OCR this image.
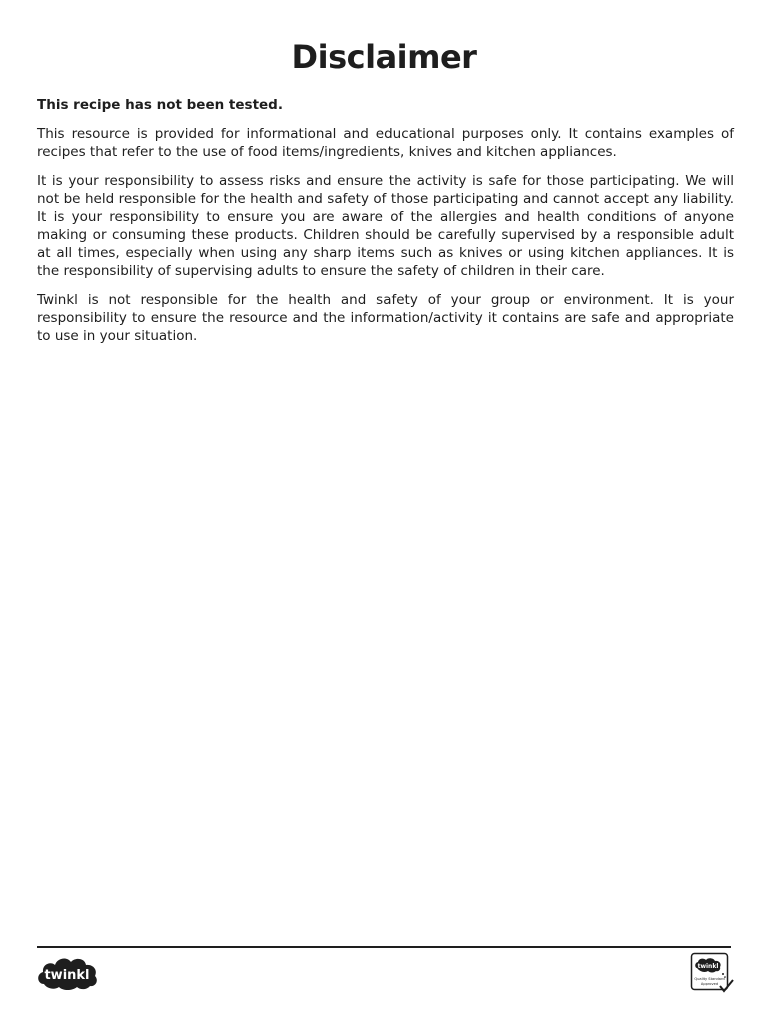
Disclaimer

This recipe has not been tested.

This resource is provided for informational and educational purposes only. It contains examples of recipes that refer to the use of food items/ingredients, knives and kitchen appliances.

It is your responsibility to assess risks and ensure the activity is safe for those participating. We will not be held responsible for the health and safety of those participating and cannot accept any liability. It is your responsibility to ensure you are aware of the allergies and health conditions of anyone making or consuming these products. Children should be carefully supervised by a responsible adult at all times, especially when using any sharp items such as knives or using kitchen appliances. It is the responsibility of supervising adults to ensure the safety of children in their care.

Twinkl is not responsible for the health and safety of your group or environment. It is your responsibility to ensure the resource and the information/activity it contains are safe and appropriate to use in your situation.

twinkl
twinkl
Quality Standard
Approved
